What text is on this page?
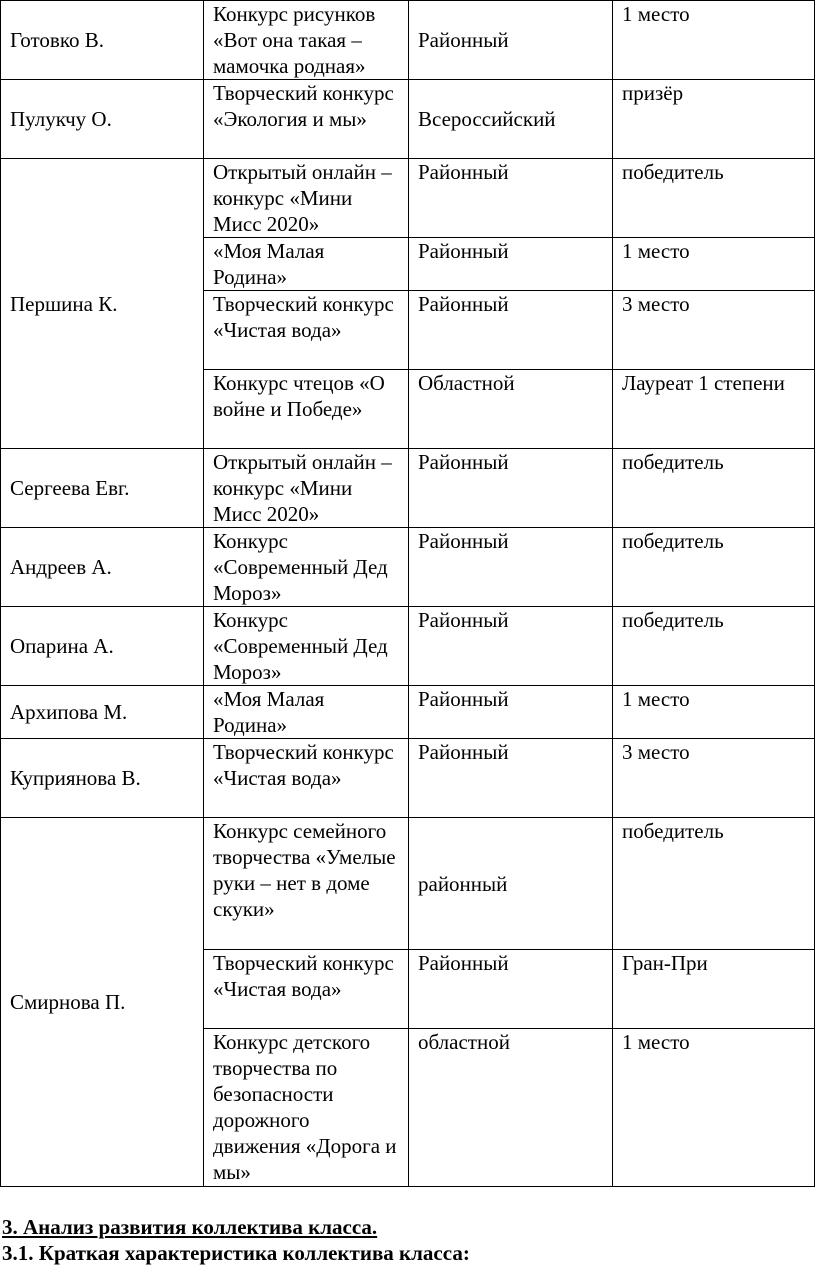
Готовко В.	Конкурс рисунков «Вот она такая – мамочка родная»	Районный	1 место
Пулукчу О.	Творческий конкурс «Экология и мы»	Всероссийский	призёр
Першина К.	Открытый онлайн – конкурс «Мини Мисс 2020»	Районный	победитель
	«Моя Малая Родина»	Районный	1 место
	Творческий конкурс «Чистая вода»	Районный	3 место
	Конкурс чтецов «О войне и Победе»	Областной	Лауреат 1 степени
Сергеева Евг.	Открытый онлайн – конкурс «Мини Мисс 2020»	Районный	победитель
Андреев А.	Конкурс «Современный Дед Мороз»	Районный	победитель
Опарина А.	Конкурс «Современный Дед Мороз»	Районный	победитель
Архипова М.	«Моя Малая Родина»	Районный	1 место
Куприянова В.	Творческий конкурс «Чистая вода»	Районный	3 место
Смирнова П.	Конкурс семейного творчества «Умелые руки – нет в доме скуки»	районный	победитель
	Творческий конкурс «Чистая вода»	Районный	Гран-При
	Конкурс детского творчества по безопасности дорожного движения «Дорога и мы»	областной	1 место

3. Анализ развития коллектива класса.

3.1. Краткая характеристика коллектива класса:
